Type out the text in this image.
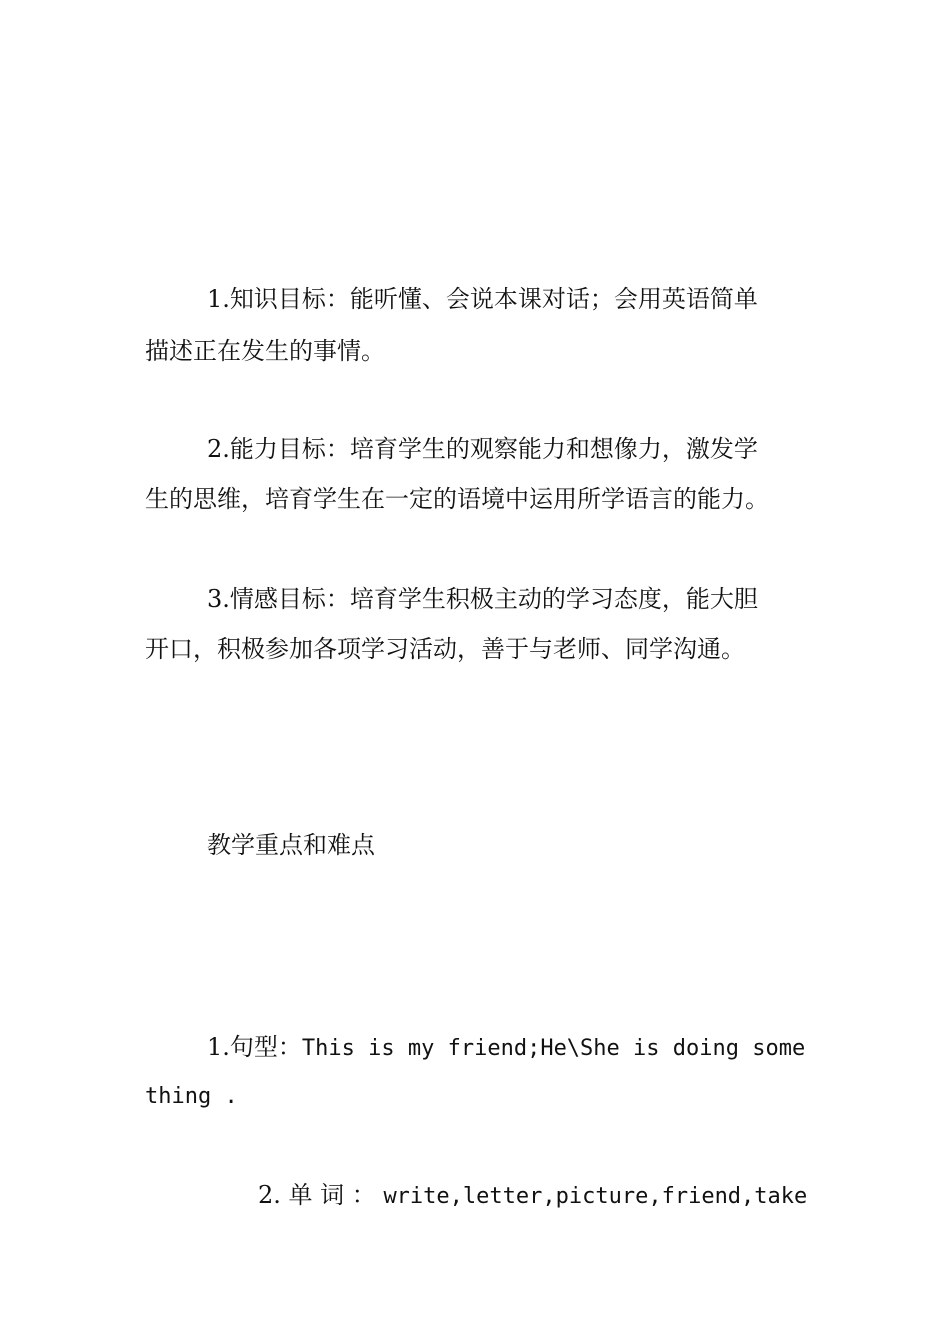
1.知识目标：能听懂、会说本课对话；会用英语简单
描述正在发生的事情。
2.能力目标：培育学生的观察能力和想像力，激发学
生的思维，培育学生在一定的语境中运用所学语言的能力。
3.情感目标：培育学生积极主动的学习态度，能大胆
开口，积极参加各项学习活动，善于与老师、同学沟通。
教学重点和难点
1.句型：This is my friend;He\She is doing some
thing .
2. 单 词 ： write,letter,picture,friend,take
